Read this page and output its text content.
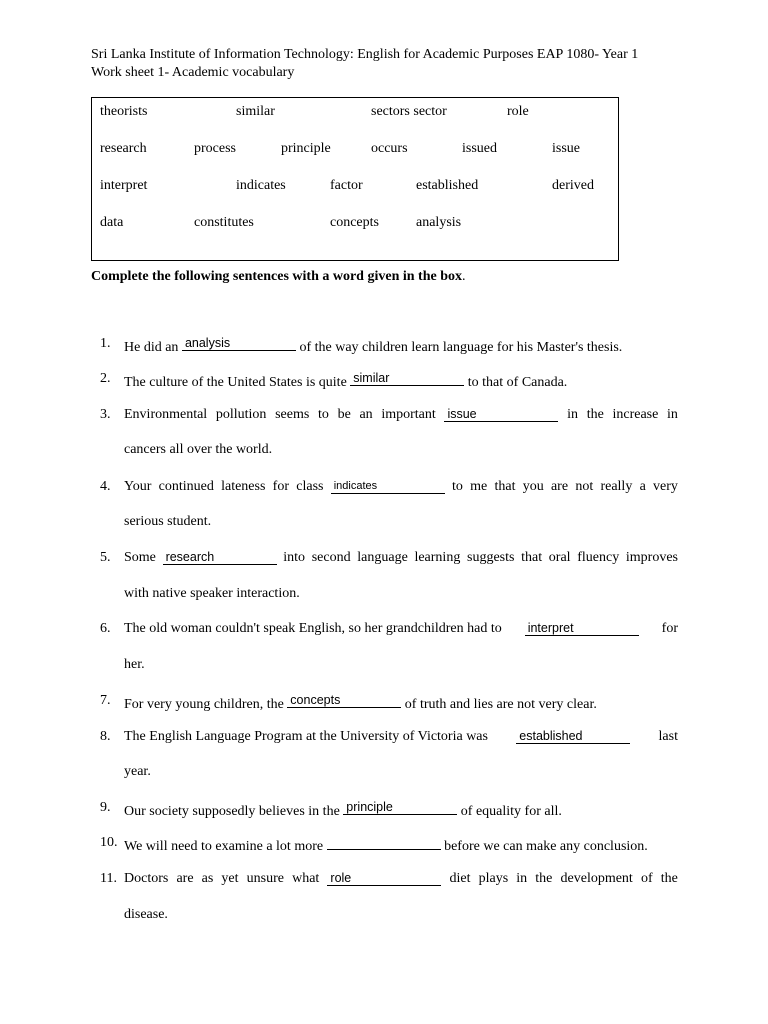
Sri Lanka Institute of Information Technology: English for Academic Purposes EAP 1080- Year 1
Work sheet 1- Academic vocabulary
theorists	similar	sectors sector	role
research	process	principle	occurs	issued	issue
interpret	indicates	factor	established	derived
data	constitutes	concepts	analysis
Complete the following sentences with a word given in the box.
1. He did an analysis	of the way children learn language for his Master's thesis.
2. The culture of the United States is quite similar	to that of Canada.
3. Environmental pollution seems to be an important issue	in the increase in
cancers all over the world.
4. Your continued lateness for class indicates	to me that you are not really a very
serious student.
5. Some research	into second language learning suggests that oral fluency improves
with native speaker interaction.
6. The old woman couldn't speak English, so her grandchildren had to interpret	for
her.
7. For very young children, the concepts	of truth and lies are not very clear.
8. The English Language Program at the University of Victoria was	established	last
year.
9. Our society supposedly believes in the principle	of equality for all.
10. We will need to examine a lot more	before we can make any conclusion.
11. Doctors are as yet unsure what role	diet plays in the development of the
disease.
